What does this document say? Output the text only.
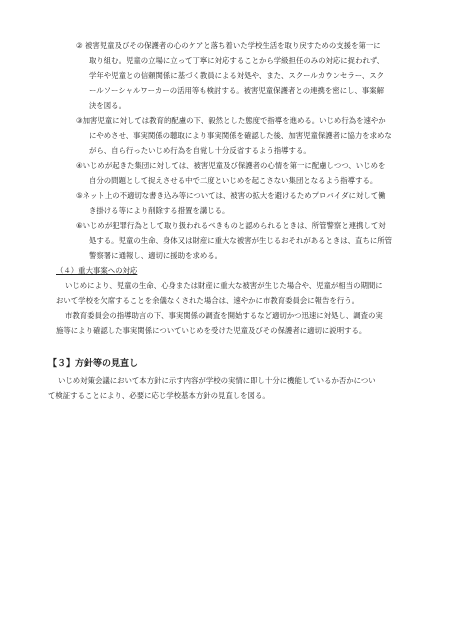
② 被害児童及びその保護者の心のケアと落ち着いた学校生活を取り戻すための支援を第一に
取り組む。児童の立場に立って丁寧に対応することから学級担任のみの対応に捉われず、
学年や児童との信頼関係に基づく教員による対処や、また、スクールカウンセラー、スク
ールソーシャルワーカーの活用等も検討する。被害児童保護者との連携を密にし、事案解
決を図る。
③加害児童に対しては教育的配慮の下、毅然とした態度で指導を進める。いじめ行為を速やか
にやめさせ、事実関係の聴取により事実関係を確認した後、加害児童保護者に協力を求めな
がら、自ら行ったいじめ行為を自覚し十分反省するよう指導する。
④いじめが起きた集団に対しては、被害児童及び保護者の心情を第一に配慮しつつ、いじめを
自分の問題として捉えさせる中で二度といじめを起こさない集団となるよう指導する。
⑤ネット上の不適切な書き込み等については、被害の拡大を避けるためプロバイダに対して働
き掛ける等により削除する措置を講じる。
⑥いじめが犯罪行為として取り扱われるべきものと認められるときは、所管警察と連携して対
処する。児童の生命、身体又は財産に重大な被害が生じるおそれがあるときは、直ちに所管
警察署に通報し、適切に援助を求める。
（４）重大事案への対応
いじめにより、児童の生命、心身または財産に重大な被害が生じた場合や、児童が相当の期間に
おいて学校を欠席することを余儀なくされた場合は、速やかに市教育委員会に報告を行う。
市教育委員会の指導助言の下、事実関係の調査を開始するなど適切かつ迅速に対処し、調査の実
施等により確認した事実関係についていじめを受けた児童及びその保護者に適切に説明する。
【３】方針等の見直し
いじめ対策会議において本方針に示す内容が学校の実情に即し十分に機能しているか否かについ
て検証することにより、必要に応じ学校基本方針の見直しを図る。
